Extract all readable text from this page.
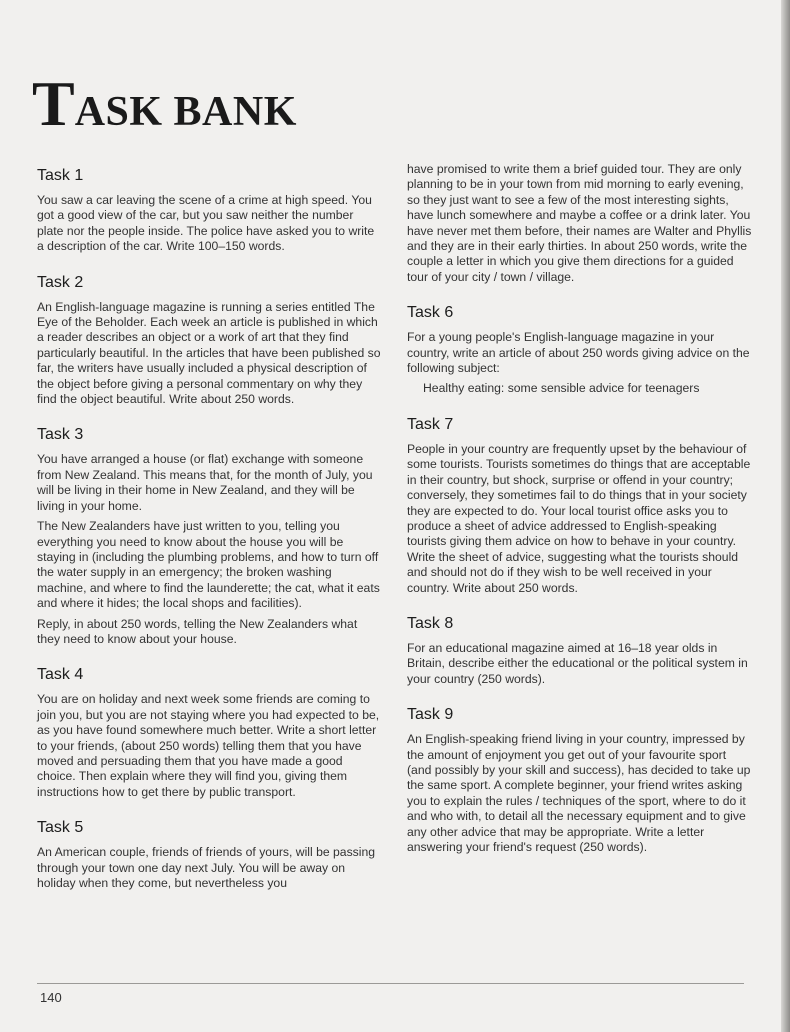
TASK BANK
Task 1

You saw a car leaving the scene of a crime at high speed. You got a good view of the car, but you saw neither the number plate nor the people inside. The police have asked you to write a description of the car. Write 100–150 words.

Task 2

An English-language magazine is running a series entitled The Eye of the Beholder. Each week an article is published in which a reader describes an object or a work of art that they find particularly beautiful. In the articles that have been published so far, the writers have usually included a physical description of the object before giving a personal commentary on why they find the object beautiful. Write about 250 words.

Task 3

You have arranged a house (or flat) exchange with someone from New Zealand. This means that, for the month of July, you will be living in their home in New Zealand, and they will be living in your home.

The New Zealanders have just written to you, telling you everything you need to know about the house you will be staying in (including the plumbing problems, and how to turn off the water supply in an emergency; the broken washing machine, and where to find the launderette; the cat, what it eats and where it hides; the local shops and facilities).

Reply, in about 250 words, telling the New Zealanders what they need to know about your house.

Task 4

You are on holiday and next week some friends are coming to join you, but you are not staying where you had expected to be, as you have found somewhere much better. Write a short letter to your friends, (about 250 words) telling them that you have moved and persuading them that you have made a good choice. Then explain where they will find you, giving them instructions how to get there by public transport.

Task 5

An American couple, friends of friends of yours, will be passing through your town one day next July. You will be away on holiday when they come, but nevertheless you

have promised to write them a brief guided tour. They are only planning to be in your town from mid morning to early evening, so they just want to see a few of the most interesting sights, have lunch somewhere and maybe a coffee or a drink later. You have never met them before, their names are Walter and Phyllis and they are in their early thirties. In about 250 words, write the couple a letter in which you give them directions for a guided tour of your city / town / village.

Task 6

For a young people's English-language magazine in your country, write an article of about 250 words giving advice on the following subject:

Healthy eating: some sensible advice for teenagers

Task 7

People in your country are frequently upset by the behaviour of some tourists. Tourists sometimes do things that are acceptable in their country, but shock, surprise or offend in your country; conversely, they sometimes fail to do things that in your society they are expected to do. Your local tourist office asks you to produce a sheet of advice addressed to English-speaking tourists giving them advice on how to behave in your country. Write the sheet of advice, suggesting what the tourists should and should not do if they wish to be well received in your country. Write about 250 words.

Task 8

For an educational magazine aimed at 16–18 year olds in Britain, describe either the educational or the political system in your country (250 words).

Task 9

An English-speaking friend living in your country, impressed by the amount of enjoyment you get out of your favourite sport (and possibly by your skill and success), has decided to take up the same sport. A complete beginner, your friend writes asking you to explain the rules / techniques of the sport, where to do it and who with, to detail all the necessary equipment and to give any other advice that may be appropriate. Write a letter answering your friend's request (250 words).

140
